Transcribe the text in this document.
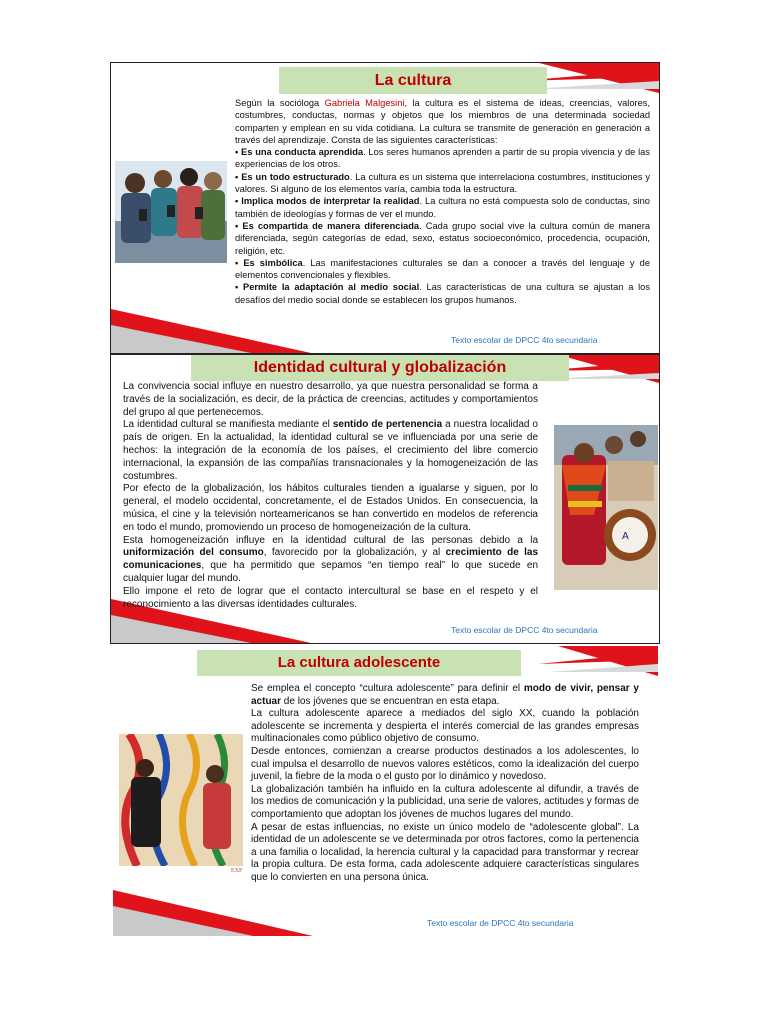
La cultura

Según la socióloga Gabriela Malgesini, la cultura es el sistema de ideas, creencias, valores, costumbres, conductas, normas y objetos que los miembros de una determinada sociedad comparten y emplean en su vida cotidiana. La cultura se transmite de generación en generación a través del aprendizaje. Consta de las siguientes características:

• Es una conducta aprendida. Los seres humanos aprenden a partir de su propia vivencia y de las experiencias de los otros.

• Es un todo estructurado. La cultura es un sistema que interrelaciona costumbres, instituciones y valores. Si alguno de los elementos varía, cambia toda la estructura.

• Implica modos de interpretar la realidad. La cultura no está compuesta solo de conductas, sino también de ideologías y formas de ver el mundo.

• Es compartida de manera diferenciada. Cada grupo social vive la cultura común de manera diferenciada, según categorías de edad, sexo, estatus socioeconómico, procedencia, ocupación, religión, etc.

• Es simbólica. Las manifestaciones culturales se dan a conocer a través del lenguaje y de elementos convencionales y flexibles.

• Permite la adaptación al medio social. Las características de una cultura se ajustan a los desafíos del medio social donde se establecen los grupos humanos.

Texto escolar de DPCC 4to secundaria
Identidad cultural y globalización
A

La convivencia social influye en nuestro desarrollo, ya que nuestra personalidad se forma a través de la socialización, es decir, de la práctica de creencias, actitudes y comportamientos del grupo al que pertenecemos.

La identidad cultural se manifiesta mediante el sentido de pertenencia a nuestra localidad o país de origen. En la actualidad, la identidad cultural se ve influenciada por una serie de hechos: la integración de la economía de los países, el crecimiento del libre comercio internacional, la expansión de las compañías transnacionales y la homogeneización de las costumbres.

Por efecto de la globalización, los hábitos culturales tienden a igualarse y siguen, por lo general, el modelo occidental, concretamente, el de Estados Unidos. En consecuencia, la música, el cine y la televisión norteamericanos se han convertido en modelos de referencia en todo el mundo, promoviendo un proceso de homogeneización de la cultura.

Esta homogeneización influye en la identidad cultural de las personas debido a la uniformización del consumo, favorecido por la globalización, y al crecimiento de las comunicaciones, que ha permitido que sepamos “en tiempo real” lo que sucede en cualquier lugar del mundo.

Ello impone el reto de lograr que el contacto intercultural se base en el respeto y el reconocimiento a las diversas identidades culturales.

Texto escolar de DPCC 4to secundaria
La cultura adolescente
EXP

Se emplea el concepto “cultura adolescente” para definir el modo de vivir, pensar y actuar de los jóvenes que se encuentran en esta etapa.

La cultura adolescente aparece a mediados del siglo XX, cuando la población adolescente se incrementa y despierta el interés comercial de las grandes empresas multinacionales como público objetivo de consumo.

Desde entonces, comienzan a crearse productos destinados a los adolescentes, lo cual impulsa el desarrollo de nuevos valores estéticos, como la idealización del cuerpo juvenil, la fiebre de la moda o el gusto por lo dinámico y novedoso.

La globalización también ha influido en la cultura adolescente al difundir, a través de los medios de comunicación y la publicidad, una serie de valores, actitudes y formas de comportamiento que adoptan los jóvenes de muchos lugares del mundo.

A pesar de estas influencias, no existe un único modelo de “adolescente global”. La identidad de un adolescente se ve determinada por otros factores, como la pertenencia a una familia o localidad, la herencia cultural y la capacidad para transformar y recrear la propia cultura. De esta forma, cada adolescente adquiere características singulares que lo convierten en una persona única.

Texto escolar de DPCC 4to secundaria
